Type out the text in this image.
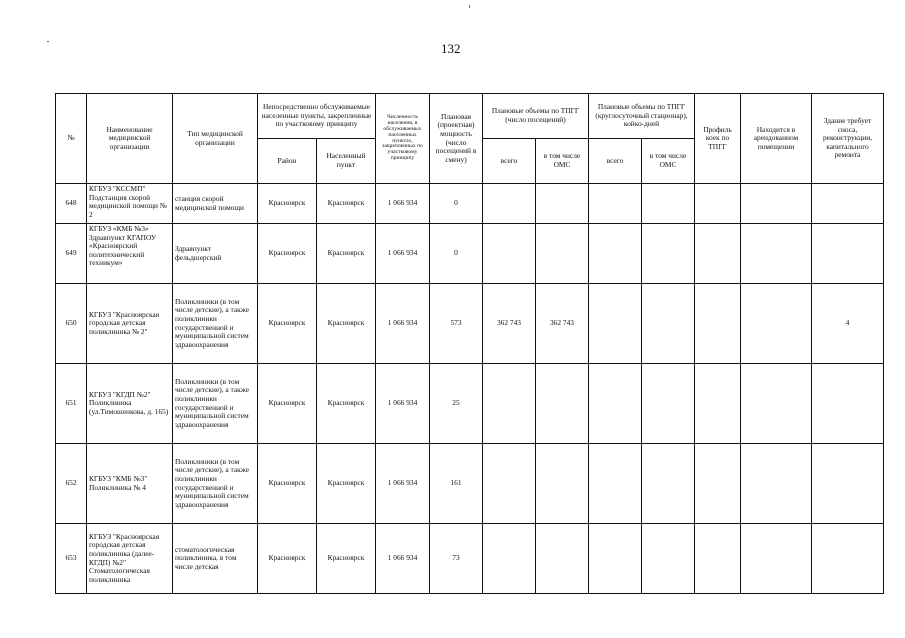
132
№	Наименование медицинской организации	Тип медицинской организации	Непосредственно обслуживаемые населенные пункты, закрепленные по участковому принципу		Численность населения, в обслуживаемых населенных пунктах, закрепленных по участковому принципу	Плановая (проектная) мощность (число посещений в смену)	Плановые объемы по ТПГГ (число посещений)		Плановые объемы по ТПГГ (круглосуточный стационар), койко-дней		Профиль коек по ТПГГ	Находится в арендованном помещении	Здание требует сноса, реконструкции, капитального ремонта
			Район	Населенный пункт			всего	в том числе ОМС	всего	в том числе ОМС			
648	КГБУЗ "КССМП" Подстанция скорой медицинской помощи № 2	станция скорой медицинской помощи	Красноярск	Красноярск	1 066 934	0							
649	КГБУЗ «КМБ №3» Здравпункт КГАПОУ «Красноярский политехнический техникум»	Здравпункт фельдшерский	Красноярск	Красноярск	1 066 934	0							
650	КГБУЗ "Красноярская городская детская поликлиника № 2"	Поликлиники (в том числе детские), а также поликлиники государственной и муниципальной систем здравоохранения	Красноярск	Красноярск	1 066 934	573	362 743	362 743					4
651	КГБУЗ "КГДП №2" Поликлиника (ул.Тимошенкова, д. 165)	Поликлиники (в том числе детские), а также поликлиники государственной и муниципальной систем здравоохранения	Красноярск	Красноярск	1 066 934	25							
652	КГБУЗ "КМБ №3" Поликлиника № 4	Поликлиники (в том числе детские), а также поликлиники государственной и муниципальной систем здравоохранения	Красноярск	Красноярск	1 066 934	161							
653	КГБУЗ "Красноярская городская детская поликлиника (далее-КГДП) №2" Стоматологическая поликлиника	стоматологическая поликлиника, в том числе детская	Красноярск	Красноярск	1 066 934	73							
